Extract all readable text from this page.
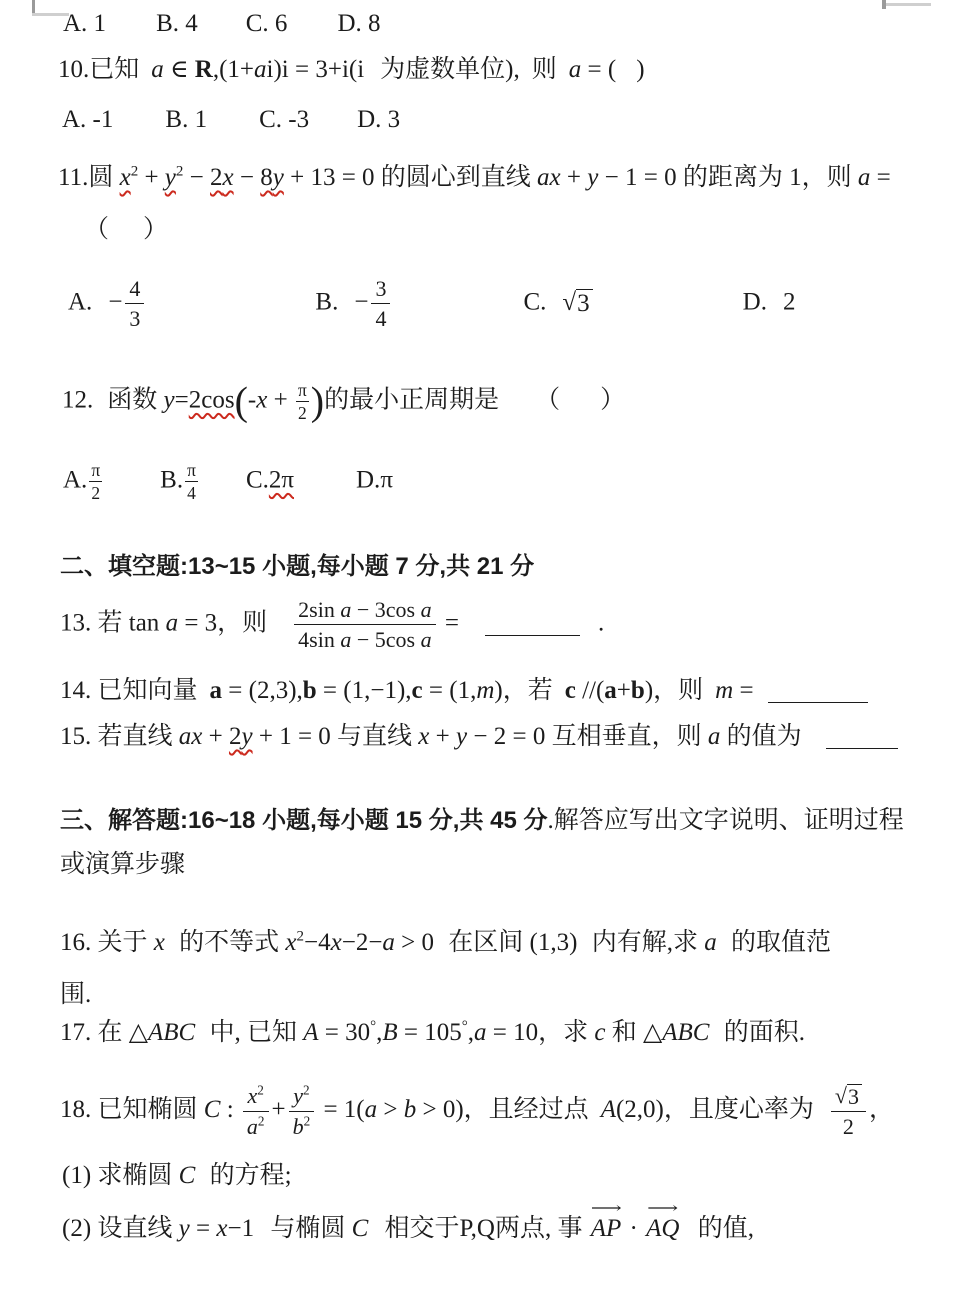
A. 1 B. 4 C. 6 D. 8
10.已知 a ∈ R,(1+ai)i = 3+i(i 为虚数单位), 则 a = ( )
A. -1 B. 1 C. -3 D. 3
11.圆 $x^2 + y^2 - 2x - 8y + 13 = 0$ 的圆心到直线 ax + y − 1 = 0 的距离为 1，则 a =
（ ）
A. − $\frac{4}{3}$	B. − $\frac{3}{4}$	C. √ 3	D. 2
12. 函数 $y=2\cos(-x + \frac{\pi}{2}$ )的最小正周期是 （ ）
A. $\frac{\pi}{2} B$. $\frac{\pi}{4} C.2\pi$ D.π
二、填空题:13~15 小题,每小题 7 分,共 21 分
13. 若 tan a = 3，则 $\frac{\text{2sin a − 3cos a}}{\text{4sin a − 5cos a}}$ =	.
14. 已知向量 a = (2,3),b = (1,−1),c = (1,m)，若 c //(a+b)，则 m =
15. 若直线 ax + 2y + 1 = 0 与直线 x + y − 2 = 0 互相垂直，则 a 的值为
三、解答题:16~18 小题,每小题 15 分,共 45 分.解答应写出文字说明、证明过程
或演算步骤
16. 关于 x 的不等式 $x^2-4x-2-a > 0$ 在区间 (1,3) 内有解,求 a 的取值范
围.
17. 在 △ABC 中, 已知 A = 30°,B = 105°,a = 10，求 c 和 △ABC 的面积.
18. 已知椭圆 C : $\frac{x^2}{a^2} + \frac{y^2}{b^2} = 1(a > b > 0)$，且经过点 A(2,0)，且度心率为 $\frac{√ 3}{2}$ ，
(1) 求椭圆 C 的方程;
(2) 设直线 y = x−1 与椭圆 C 相交于P,Q两点, 事
⟶
AP ·
⟶
AQ 的值,
